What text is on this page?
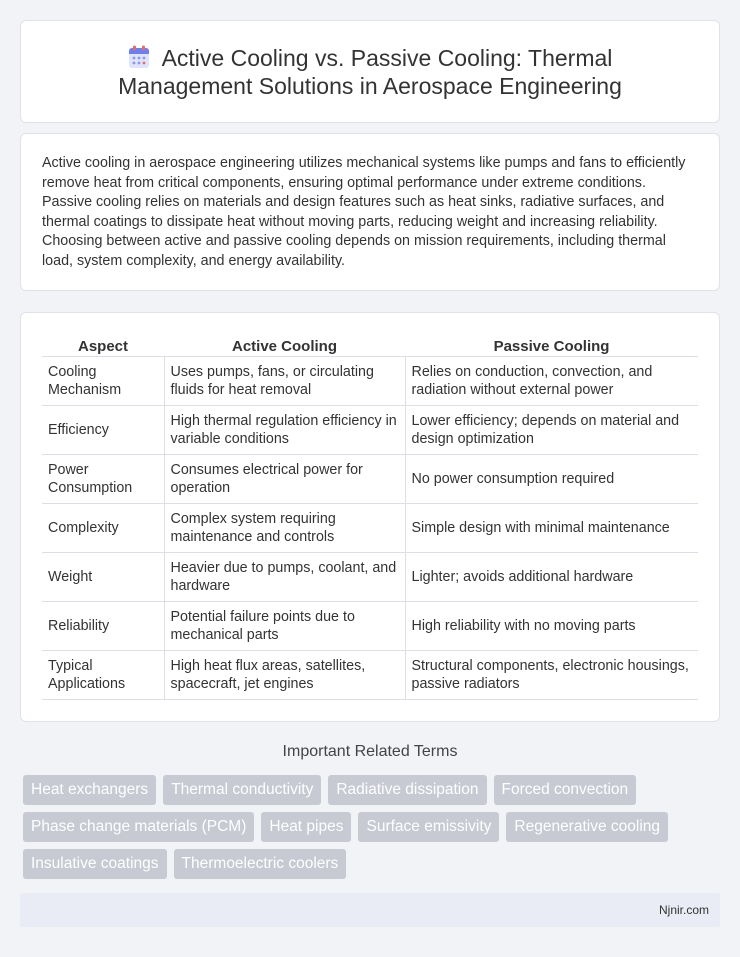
Active Cooling vs. Passive Cooling: Thermal Management Solutions in Aerospace Engineering

Active cooling in aerospace engineering utilizes mechanical systems like pumps and fans to efficiently remove heat from critical components, ensuring optimal performance under extreme conditions. Passive cooling relies on materials and design features such as heat sinks, radiative surfaces, and thermal coatings to dissipate heat without moving parts, reducing weight and increasing reliability. Choosing between active and passive cooling depends on mission requirements, including thermal load, system complexity, and energy availability.

Aspect	Active Cooling	Passive Cooling
Cooling Mechanism	Uses pumps, fans, or circulating fluids for heat removal	Relies on conduction, convection, and radiation without external power
Efficiency	High thermal regulation efficiency in variable conditions	Lower efficiency; depends on material and design optimization
Power Consumption	Consumes electrical power for operation	No power consumption required
Complexity	Complex system requiring maintenance and controls	Simple design with minimal maintenance
Weight	Heavier due to pumps, coolant, and hardware	Lighter; avoids additional hardware
Reliability	Potential failure points due to mechanical parts	High reliability with no moving parts
Typical Applications	High heat flux areas, satellites, spacecraft, jet engines	Structural components, electronic housings, passive radiators
Important Related Terms
Heat exchangers	Thermal conductivity	Radiative dissipation	Forced convection
Phase change materials (PCM)	Heat pipes	Surface emissivity	Regenerative cooling
Insulative coatings	Thermoelectric coolers
Njnir.com
